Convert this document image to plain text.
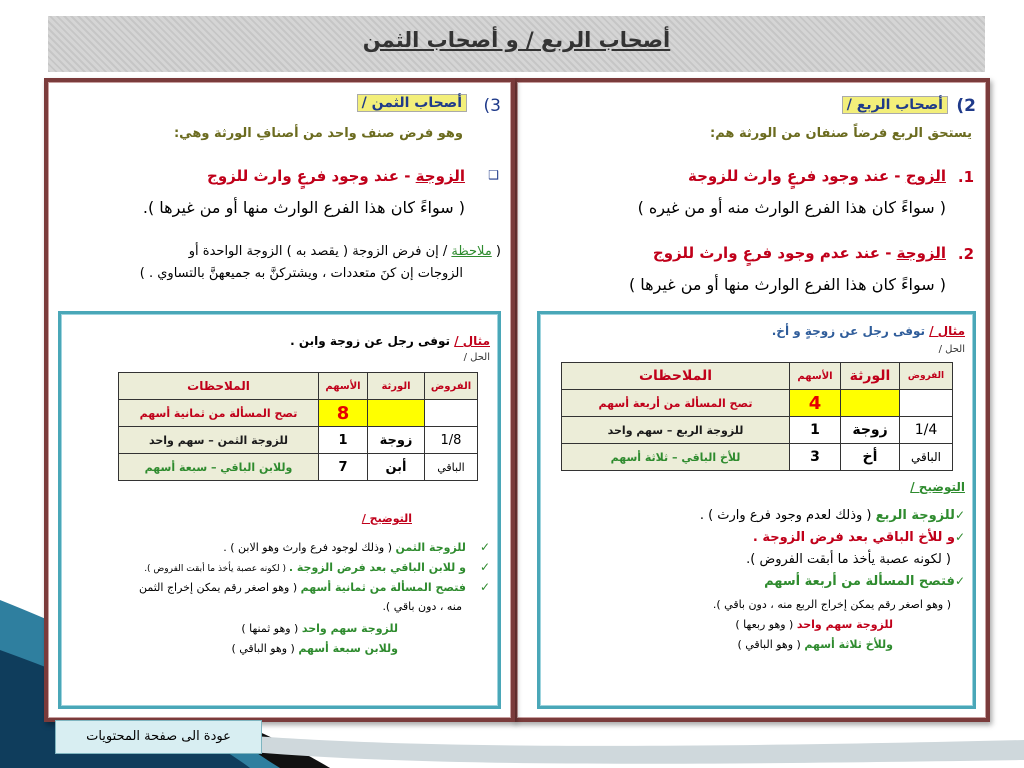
أصحاب الربع / و أصحاب الثمن
2)
أصحاب الربع /
يستحق الربع فرضاً صنفان من الورثة هم:
1.
الزوج - عند وجود فرعٍ وارث للزوجة
( سواءً كان هذا الفرع الوارث منه أو من غيره )
2.
الزوجة - عند عدم وجود فرعٍ وارث للزوج
( سواءً كان هذا الفرع الوارث منها أو من غيرها )
مثال / توفى رجل عن زوجةٍ و أخ.
الحل /
الفروض	الورثة	الأسهم	الملاحظات
		4	تصح المسألة من أربعة أسهم
1/4	زوجة	1	للزوجة الربع – سهم واحد
الباقي	أخ	3	للأخ الباقي – ثلاثة أسهم
التوضيح /
✓للزوجة الربع ( وذلك لعدم وجود فرع وارث ) .
✓و للأخ الباقي بعد فرض الزوجة .
( لكونه عصبة يأخذ ما أبقت الفروض ).
✓فتصح المسألة من أربعة أسهم
( وهو اصغر رقم يمكن إخراج الربع منه ، دون باقي ).
للزوجة سهم واحد ( وهو ربعها )
وللأخ ثلاثة أسهم ( وهو الباقي )
3)
أصحاب الثمن /
وهو فرض صنف واحد من أصنافِ الورثة وهي:
❑
الزوجة - عند وجود فرعٍ وارث للزوج
( سواءً كان هذا الفرع الوارث منها أو من غيرها ).
( ملاحظة / إن فرض الزوجة ( يقصد به ) الزوجة الواحدة أو
الزوجات إن كنَ متعددات ، ويشتركنَّ به جميعهنَّ بالتساوي . )
مثال / توفى رجل عن زوجة وابن .
الحل /
الفروض	الورثة	الأسهم	الملاحظات
		8	تصح المسألة من ثمانية أسهم
1/8	زوجة	1	للزوجة الثمن – سهم واحد
الباقي	أبن	7	وللابن الباقي – سبعة أسهم
التوضيح /
✓للزوجة الثمن ( وذلك لوجود فرع وارث وهو الابن ) .
✓و للابن الباقي بعد فرض الزوجة . ( لكونه عصبة يأخذ ما أبقت الفروض ).
✓فتصح المسألة من ثمانية أسهم ( وهو اصغر رقم يمكن إخراج الثمن
منه ، دون باقي ).
للزوجة سهم واحد ( وهو ثمنها )
وللابن سبعة أسهم ( وهو الباقي )
عودة الى صفحة المحتويات
